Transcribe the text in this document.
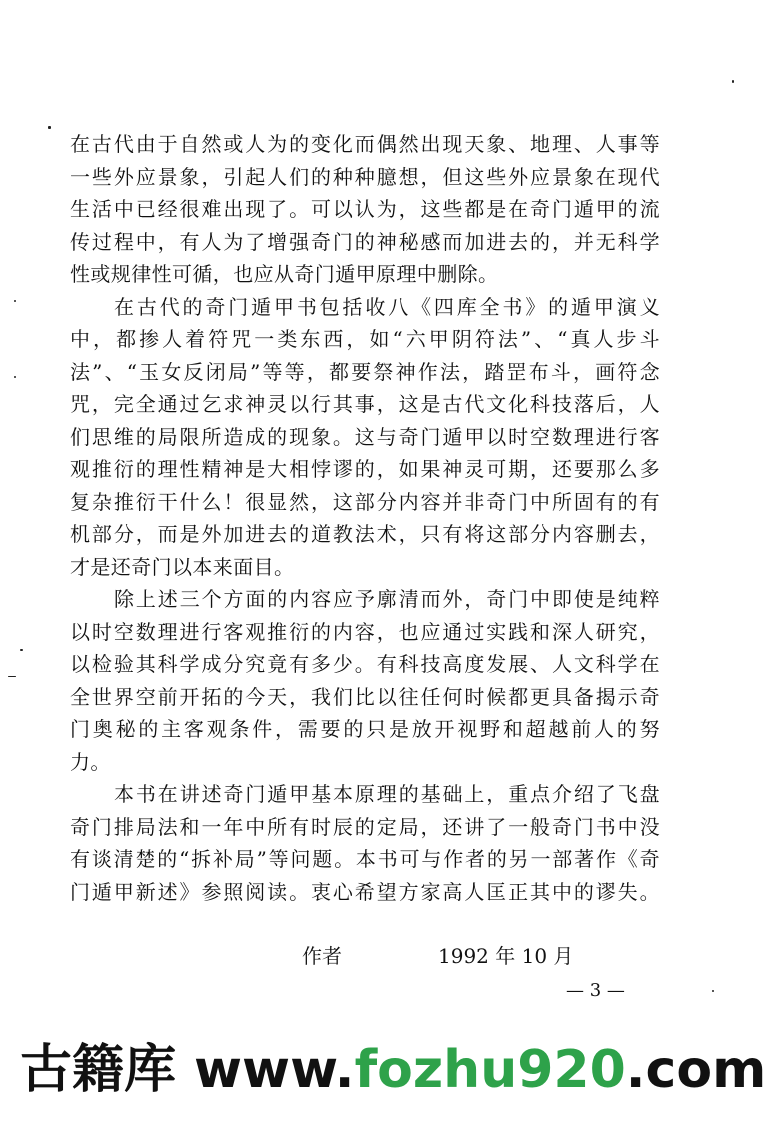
在古代由于自然或人为的变化而偶然出现天象、地理、人事等
一些外应景象，引起人们的种种臆想，但这些外应景象在现代
生活中已经很难出现了。可以认为，这些都是在奇门遁甲的流
传过程中，有人为了增强奇门的神秘感而加进去的，并无科学
性或规律性可循，也应从奇门遁甲原理中删除。
在古代的奇门遁甲书包括收八《四库全书》的遁甲演义
中，都掺人着符咒一类东西，如“六甲阴符法”、“真人步斗
法”、“玉女反闭局”等等，都要祭神作法，踏罡布斗，画符念
咒，完全通过乞求神灵以行其事，这是古代文化科技落后，人
们思维的局限所造成的现象。这与奇门遁甲以时空数理进行客
观推衍的理性精神是大相悖谬的，如果神灵可期，还要那么多
复杂推衍干什么！很显然，这部分内容并非奇门中所固有的有
机部分，而是外加进去的道教法术，只有将这部分内容删去，
才是还奇门以本来面目。
除上述三个方面的内容应予廓清而外，奇门中即使是纯粹
以时空数理进行客观推衍的内容，也应通过实践和深人研究，
以检验其科学成分究竟有多少。有科技高度发展、人文科学在
全世界空前开拓的今天，我们比以往任何时候都更具备揭示奇
门奥秘的主客观条件，需要的只是放开视野和超越前人的努
力。
本书在讲述奇门遁甲基本原理的基础上，重点介绍了飞盘
奇门排局法和一年中所有时辰的定局，还讲了一般奇门书中没
有谈清楚的“拆补局”等问题。本书可与作者的另一部著作《奇
门遁甲新述》参照阅读。衷心希望方家高人匡正其中的谬失。
作者	1992 年 10 月
— 3 —
古籍库 www.fozhu920.com
